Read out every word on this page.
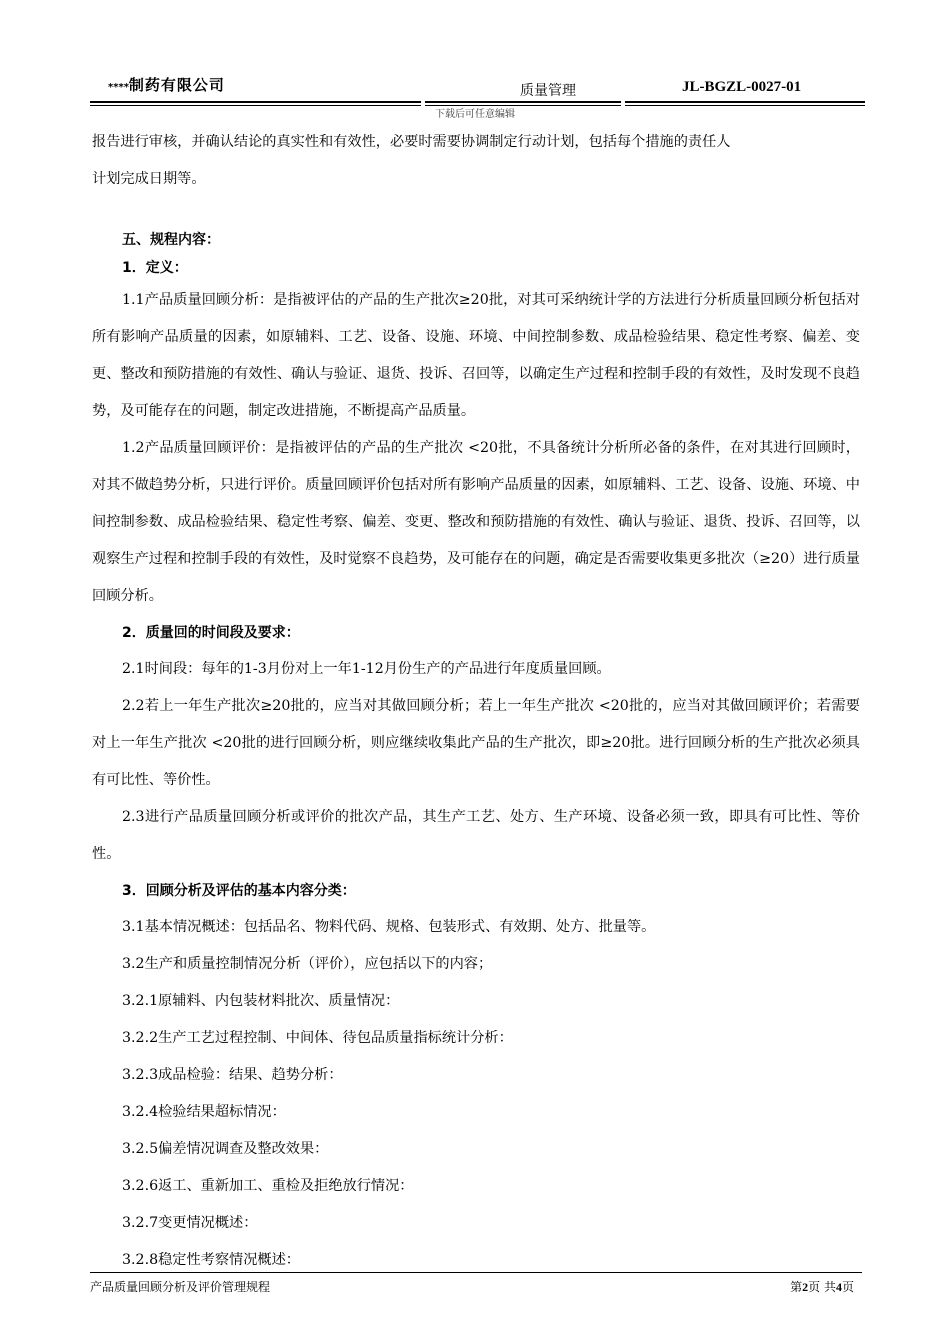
****制药有限公司	质量管理	JL-BGZL-0027-01
下载后可任意编辑

报告进行审核，并确认结论的真实性和有效性，必要时需要协调制定行动计划，包括每个措施的责任人

计划完成日期等。

五、规程内容：

1．定义：

1.1产品质量回顾分析：是指被评估的产品的生产批次≥20批，对其可采纳统计学的方法进行分析质量回顾分析包括对所有影响产品质量的因素，如原辅料、工艺、设备、设施、环境、中间控制参数、成品检验结果、稳定性考察、偏差、变更、整改和预防措施的有效性、确认与验证、退货、投诉、召回等，以确定生产过程和控制手段的有效性，及时发现不良趋势，及可能存在的问题，制定改进措施，不断提高产品质量。

1.2产品质量回顾评价：是指被评估的产品的生产批次 <20批，不具备统计分析所必备的条件，在对其进行回顾时，对其不做趋势分析，只进行评价。质量回顾评价包括对所有影响产品质量的因素，如原辅料、工艺、设备、设施、环境、中间控制参数、成品检验结果、稳定性考察、偏差、变更、整改和预防措施的有效性、确认与验证、退货、投诉、召回等，以观察生产过程和控制手段的有效性，及时觉察不良趋势，及可能存在的问题，确定是否需要收集更多批次（≥20）进行质量回顾分析。

2．质量回的时间段及要求：

2.1时间段：每年的1-3月份对上一年1-12月份生产的产品进行年度质量回顾。

2.2若上一年生产批次≥20批的，应当对其做回顾分析；若上一年生产批次 <20批的，应当对其做回顾评价；若需要对上一年生产批次 <20批的进行回顾分析，则应继续收集此产品的生产批次，即≥20批。进行回顾分析的生产批次必须具有可比性、等价性。

2.3进行产品质量回顾分析或评价的批次产品，其生产工艺、处方、生产环境、设备必须一致，即具有可比性、等价性。

3．回顾分析及评估的基本内容分类：

3.1基本情况概述：包括品名、物料代码、规格、包装形式、有效期、处方、批量等。

3.2生产和质量控制情况分析（评价），应包括以下的内容；

3.2.1原辅料、内包装材料批次、质量情况：

3.2.2生产工艺过程控制、中间体、待包品质量指标统计分析：

3.2.3成品检验：结果、趋势分析：

3.2.4检验结果超标情况：

3.2.5偏差情况调查及整改效果：

3.2.6返工、重新加工、重检及拒绝放行情况：

3.2.7变更情况概述：

3.2.8稳定性考察情况概述：

产品质量回顾分析及评价管理规程	第2页 共4页
